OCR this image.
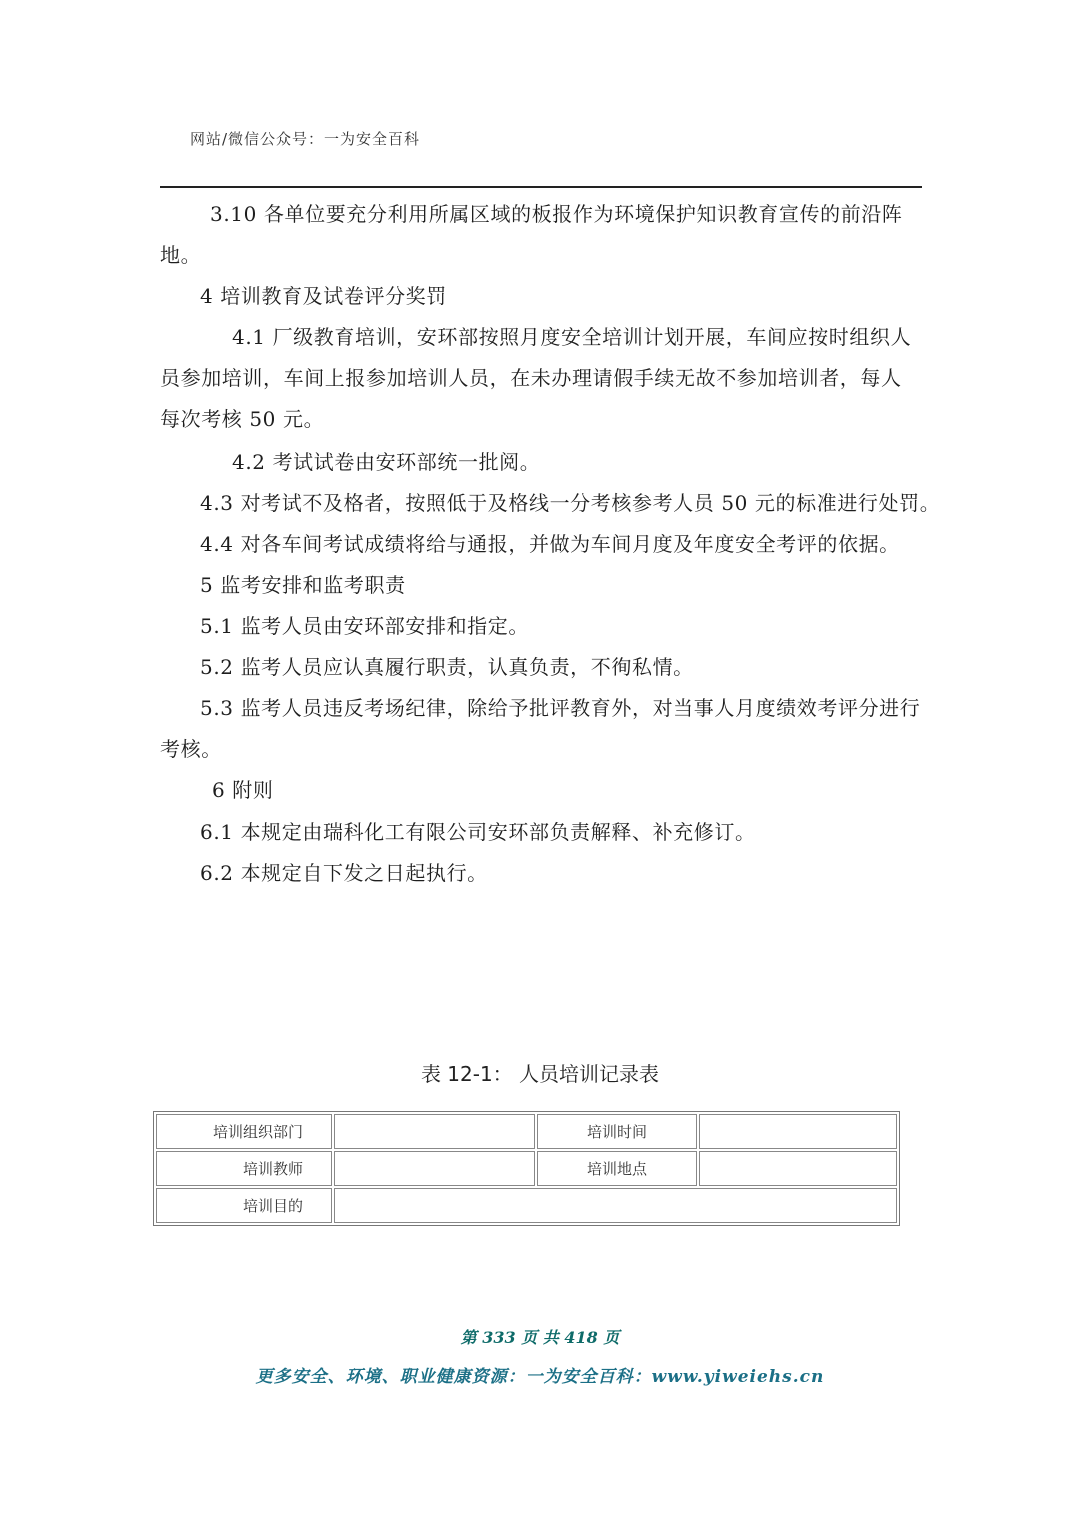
网站/微信公众号：一为安全百科
3.10 各单位要充分利用所属区域的板报作为环境保护知识教育宣传的前沿阵
地。
4 培训教育及试卷评分奖罚
4.1 厂级教育培训，安环部按照月度安全培训计划开展，车间应按时组织人
员参加培训，车间上报参加培训人员，在未办理请假手续无故不参加培训者，每人
每次考核 50 元。
4.2 考试试卷由安环部统一批阅。
4.3 对考试不及格者，按照低于及格线一分考核参考人员 50 元的标准进行处罚。
4.4 对各车间考试成绩将给与通报，并做为车间月度及年度安全考评的依据。
5 监考安排和监考职责
5.1 监考人员由安环部安排和指定。
5.2 监考人员应认真履行职责，认真负责，不徇私情。
5.3 监考人员违反考场纪律，除给予批评教育外，对当事人月度绩效考评分进行
考核。
6 附则
6.1 本规定由瑞科化工有限公司安环部负责解释、补充修订。
6.2 本规定自下发之日起执行。
表 12-1： 人员培训记录表
培训组织部门		培训时间	
培训教师		培训地点	
培训目的			
第 333 页 共 418 页
更多安全、环境、职业健康资源：一为安全百科：www.yiweiehs.cn
